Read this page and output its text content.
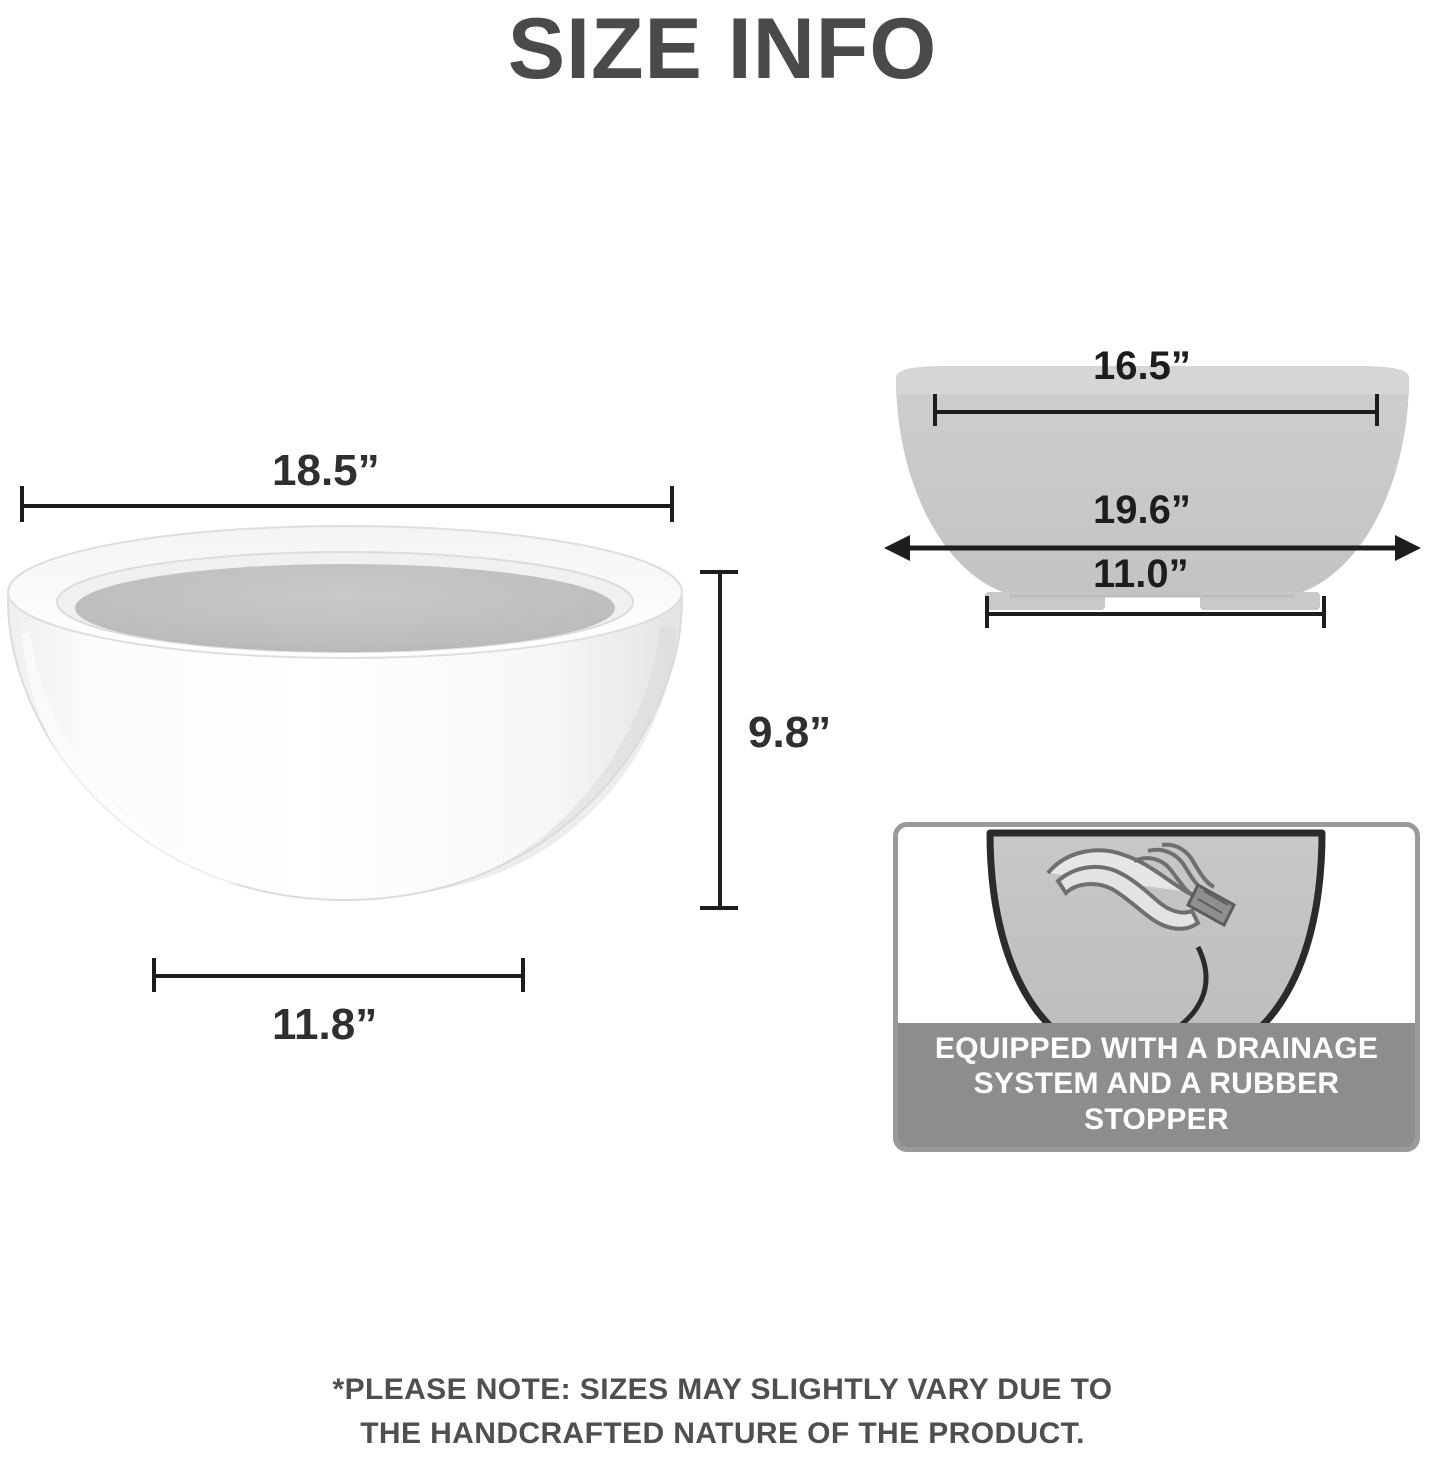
SIZE INFO
18.5”
9.8”
11.8”
16.5”
19.6”
11.0”
EQUIPPED WITH A DRAINAGE
SYSTEM AND A RUBBER STOPPER
*PLEASE NOTE: SIZES MAY SLIGHTLY VARY DUE TO
THE HANDCRAFTED NATURE OF THE PRODUCT.
